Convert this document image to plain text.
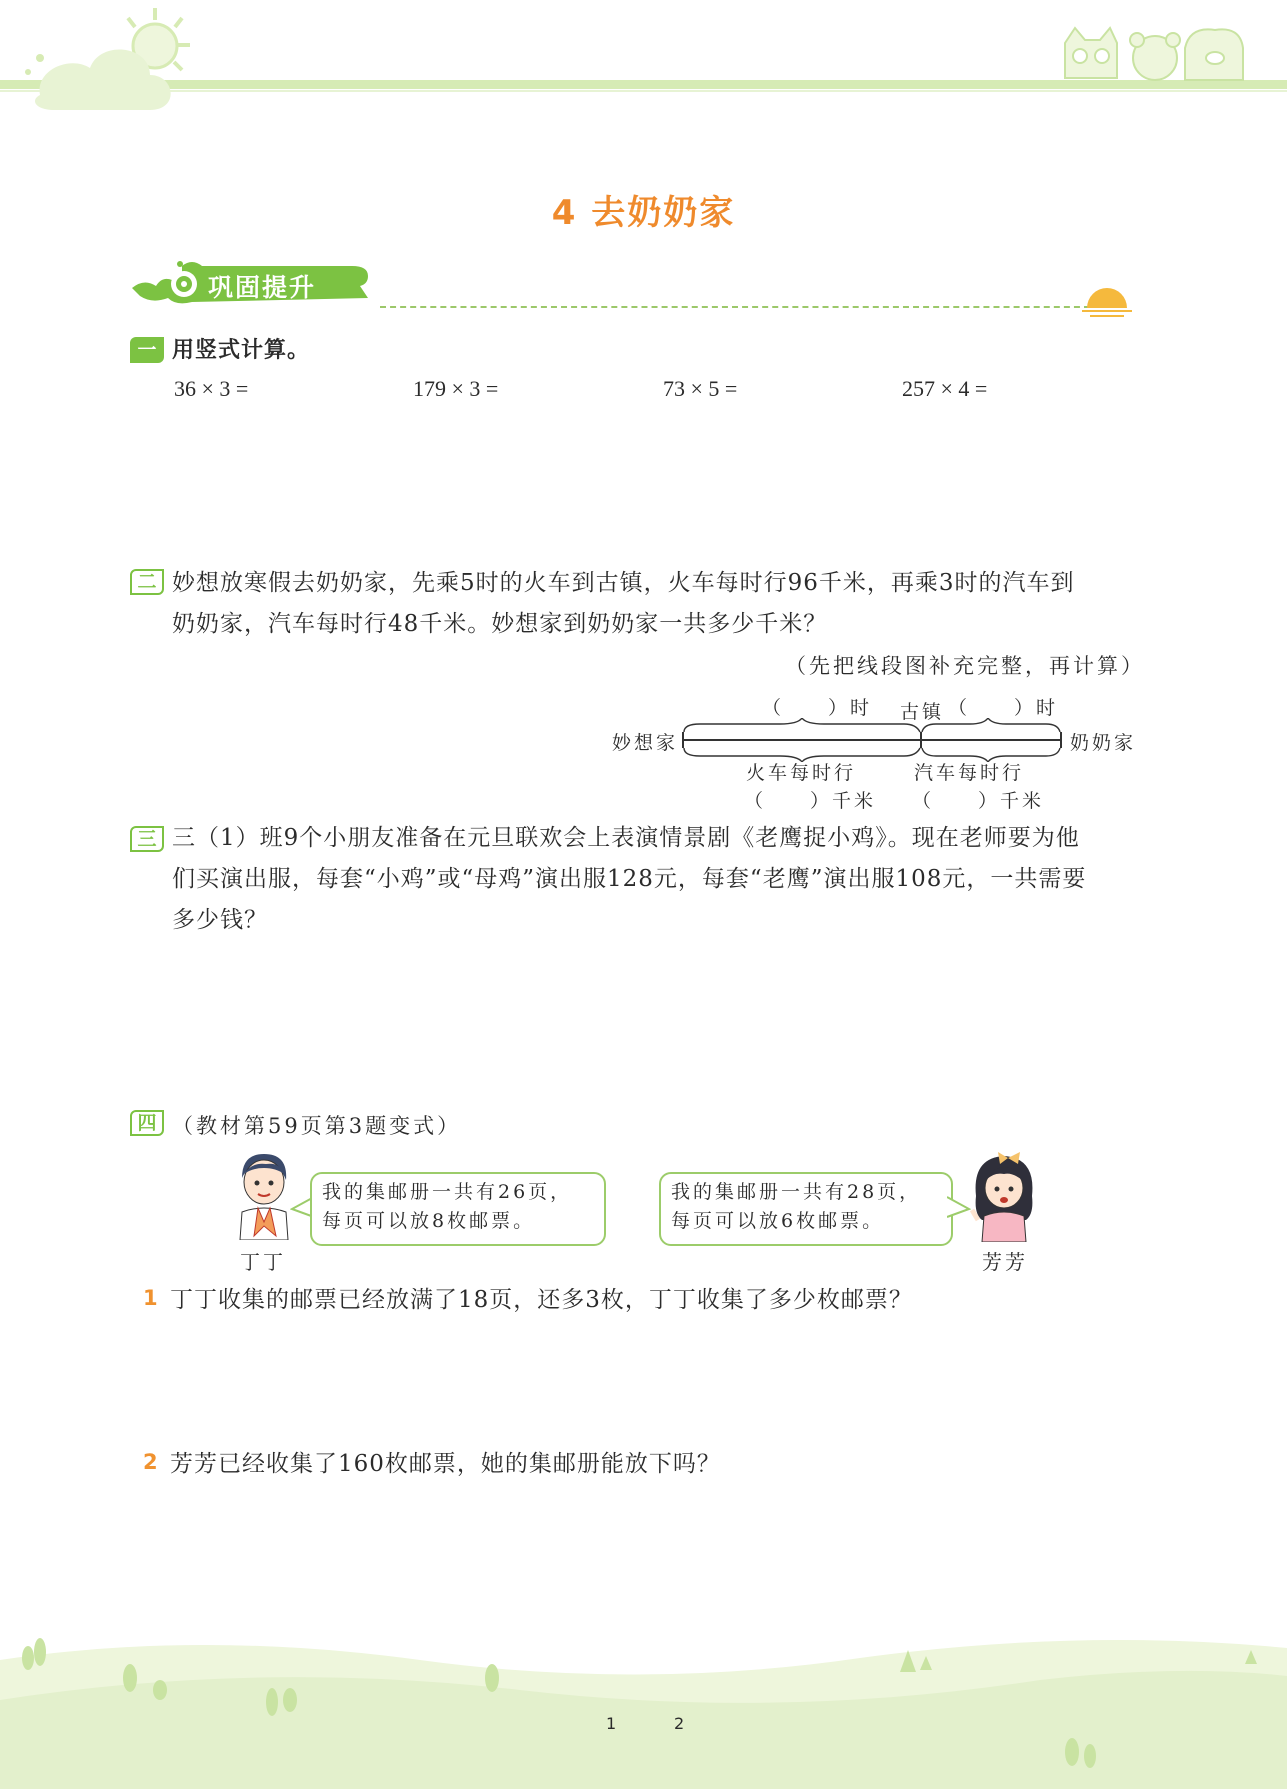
4 去奶奶家
巩固提升
一 用竖式计算。
36 × 3 =	179 × 3 =	73 × 5 =	257 × 4 =
二 妙想放寒假去奶奶家，先乘5时的火车到古镇，火车每时行96千米，再乘3时的汽车到
奶奶家，汽车每时行48千米。妙想家到奶奶家一共多少千米？
（先把线段图补充完整，再计算）
（　　）时 古镇 （　　）时
妙想家	奶奶家
火车每时行
（　　）千米
汽车每时行
（　　）千米
三 三（1）班9个小朋友准备在元旦联欢会上表演情景剧《老鹰捉小鸡》。现在老师要为他
们买演出服，每套“小鸡”或“母鸡”演出服128元，每套“老鹰”演出服108元，一共需要
多少钱？
四 （教材第59页第3题变式）
丁丁
我的集邮册一共有26页，
每页可以放8枚邮票。
我的集邮册一共有28页，
每页可以放6枚邮票。
芳芳
1 丁丁收集的邮票已经放满了18页，还多3枚，丁丁收集了多少枚邮票？
2 芳芳已经收集了160枚邮票，她的集邮册能放下吗？
1	2
